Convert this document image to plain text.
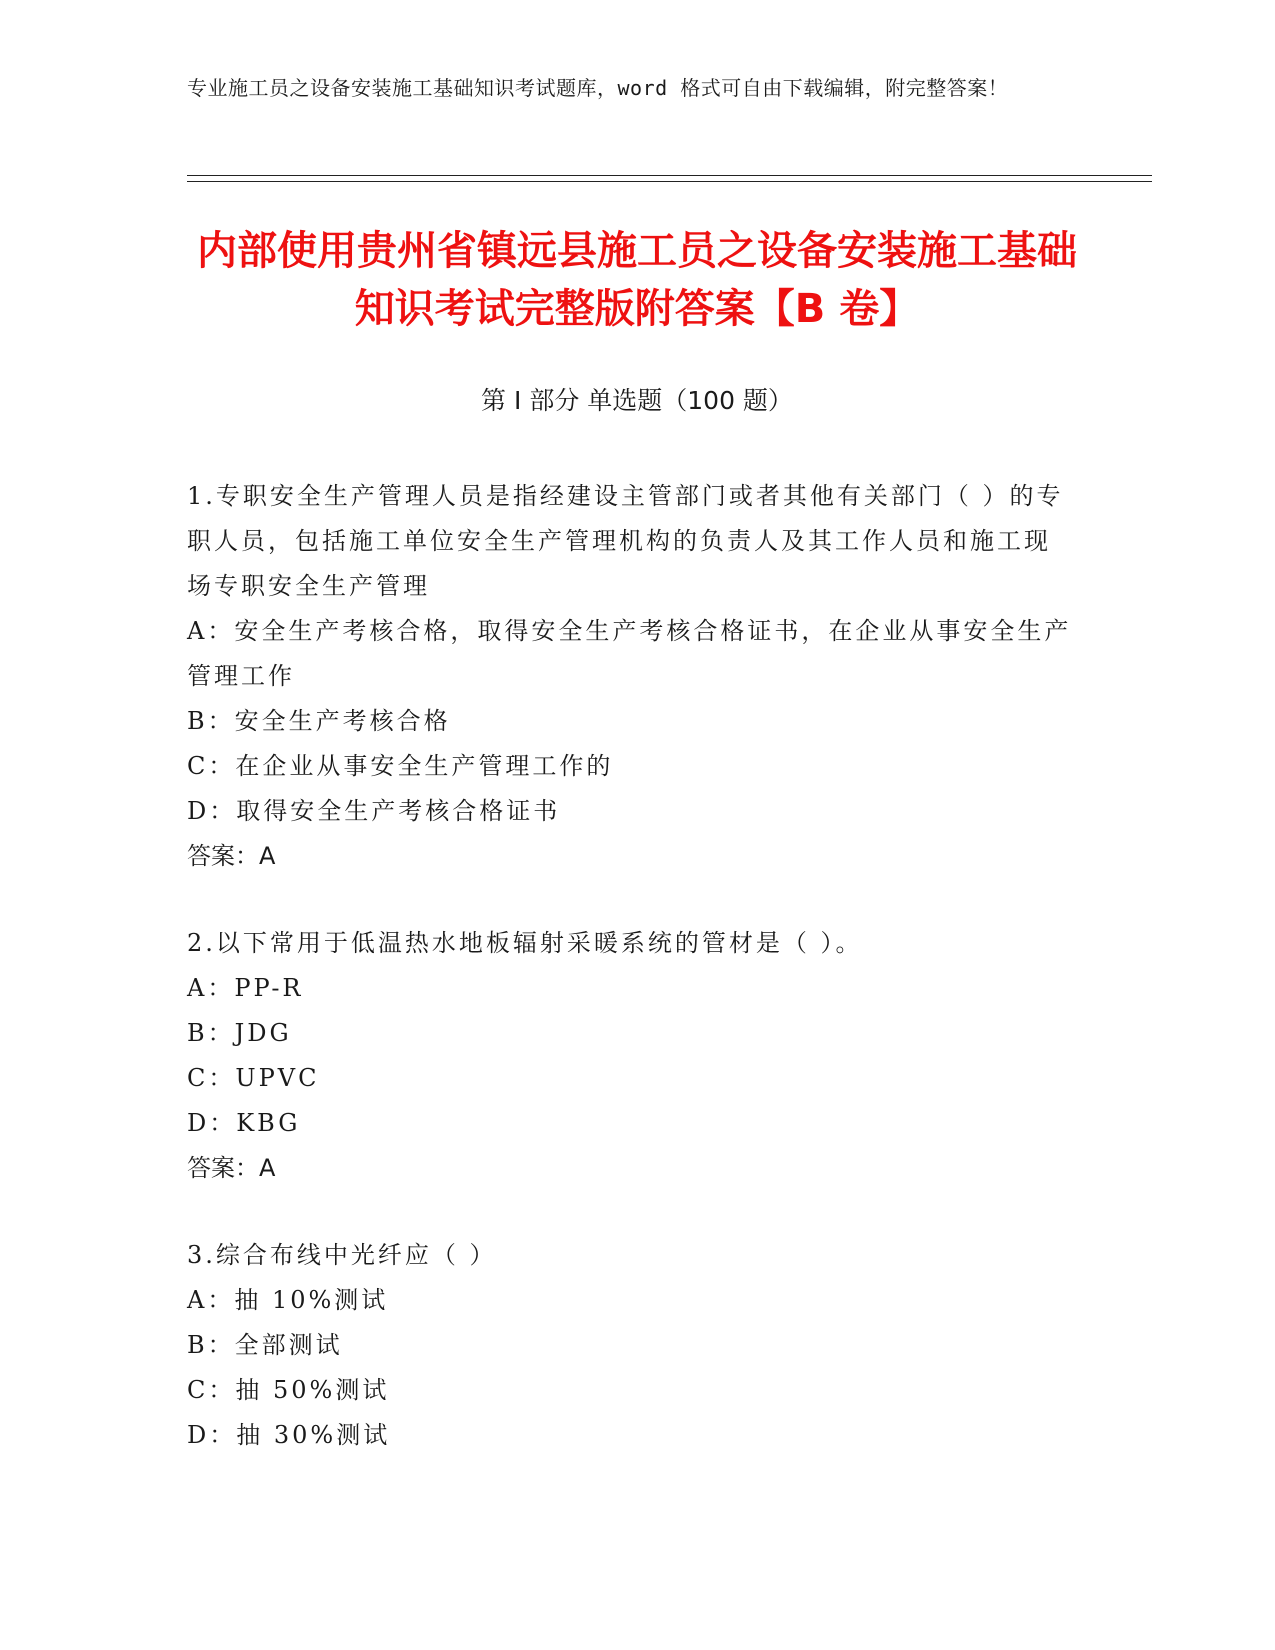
专业施工员之设备安装施工基础知识考试题库，word 格式可自由下载编辑，附完整答案！
内部使用贵州省镇远县施工员之设备安装施工基础知识考试完整版附答案【B 卷】
第 I 部分 单选题（100 题）

1.专职安全生产管理人员是指经建设主管部门或者其他有关部门（ ）的专职人员，包括施工单位安全生产管理机构的负责人及其工作人员和施工现场专职安全生产管理

A：安全生产考核合格，取得安全生产考核合格证书，在企业从事安全生产管理工作

B：安全生产考核合格

C：在企业从事安全生产管理工作的

D：取得安全生产考核合格证书

答案：A

2.以下常用于低温热水地板辐射采暖系统的管材是（ ）。

A：PP-R

B：JDG

C：UPVC

D：KBG

答案：A

3.综合布线中光纤应（ ）

A：抽 10%测试

B：全部测试

C：抽 50%测试

D：抽 30%测试
